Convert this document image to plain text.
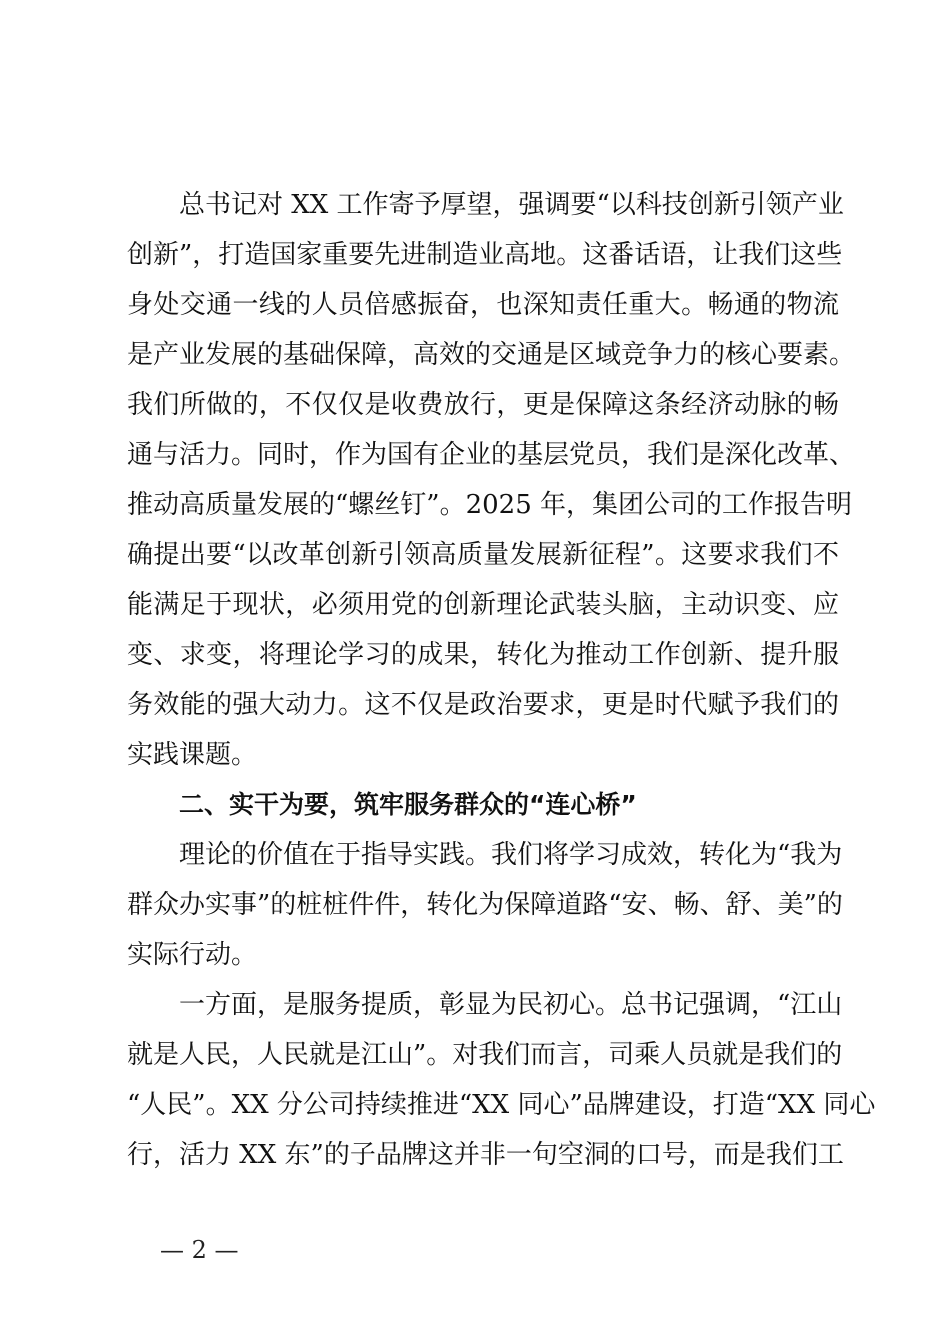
总书记对 XX 工作寄予厚望，强调要“以科技创新引领产业
创新”，打造国家重要先进制造业高地。这番话语，让我们这些
身处交通一线的人员倍感振奋，也深知责任重大。畅通的物流
是产业发展的基础保障，高效的交通是区域竞争力的核心要素。
我们所做的，不仅仅是收费放行，更是保障这条经济动脉的畅
通与活力。同时，作为国有企业的基层党员，我们是深化改革、
推动高质量发展的“螺丝钉”。2025 年，集团公司的工作报告明
确提出要“以改革创新引领高质量发展新征程”。这要求我们不
能满足于现状，必须用党的创新理论武装头脑，主动识变、应
变、求变，将理论学习的成果，转化为推动工作创新、提升服
务效能的强大动力。这不仅是政治要求，更是时代赋予我们的
实践课题。
二、实干为要，筑牢服务群众的“连心桥”
理论的价值在于指导实践。我们将学习成效，转化为“我为
群众办实事”的桩桩件件，转化为保障道路“安、畅、舒、美”的
实际行动。
一方面，是服务提质，彰显为民初心。总书记强调，“江山
就是人民，人民就是江山”。对我们而言，司乘人员就是我们的
“人民”。XX 分公司持续推进“XX 同心”品牌建设，打造“XX 同心
行，活力 XX 东”的子品牌这并非一句空洞的口号，而是我们工
— 2 —
